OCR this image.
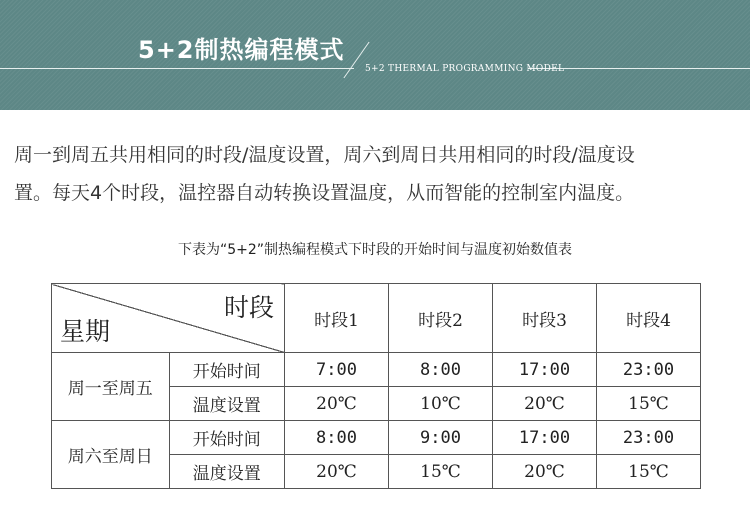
5+2制热编程模式
5+2 THERMAL PROGRAMMING MODEL

周一到周五共用相同的时段/温度设置，周六到周日共用相同的时段/温度设

置。每天4个时段，温控器自动转换设置温度，从而智能的控制室内温度。

下表为“5+2”制热编程模式下时段的开始时间与温度初始数值表
时段
星期		时段1	时段2	时段3	时段4
周一至周五	开始时间	7:00	8:00	17:00	23:00
	温度设置	20℃	10℃	20℃	15℃
周六至周日	开始时间	8:00	9:00	17:00	23:00
	温度设置	20℃	15℃	20℃	15℃
